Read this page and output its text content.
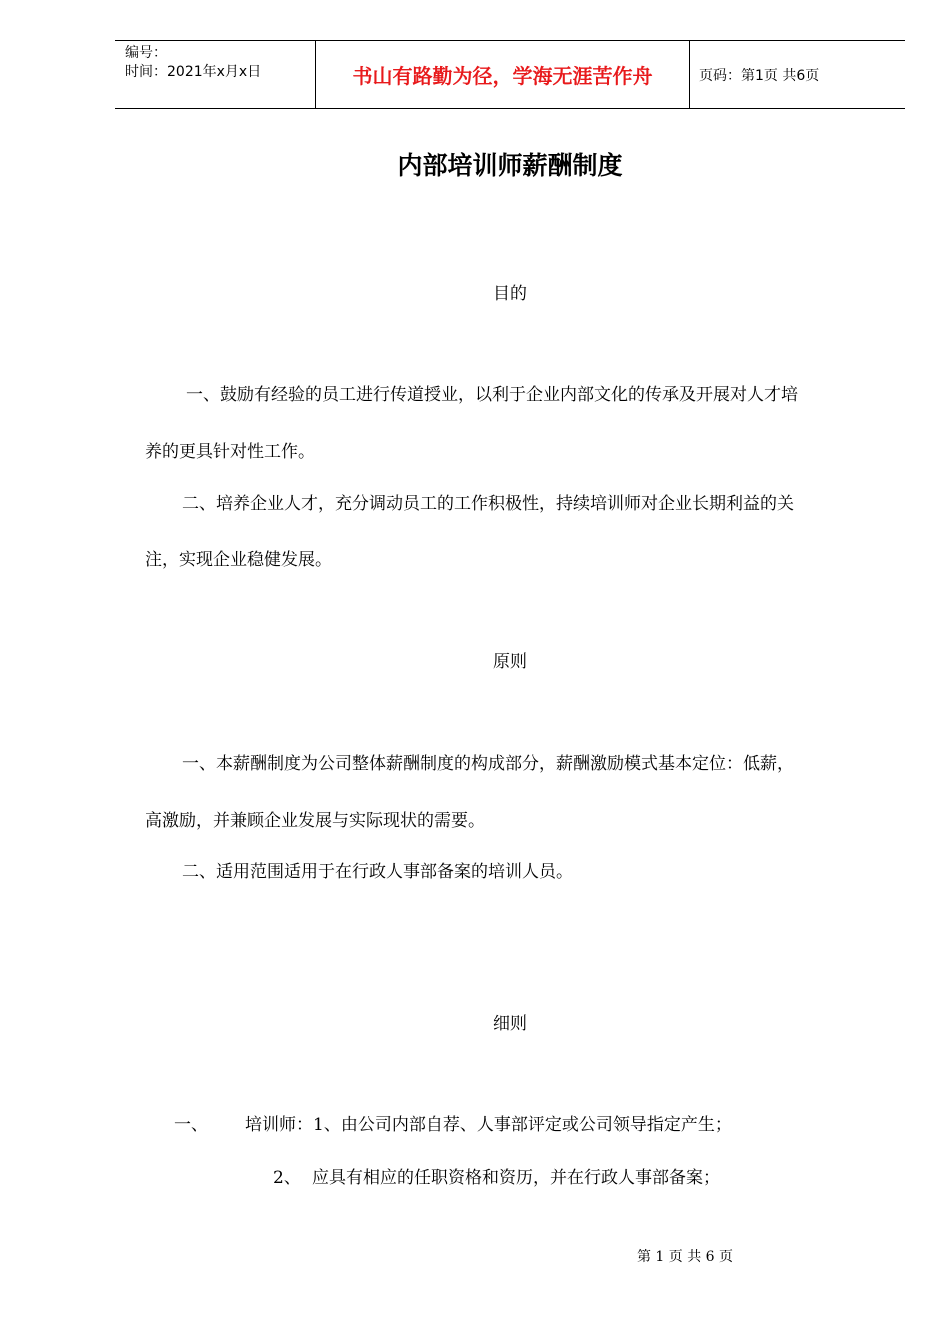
编号：
时间：2021年x月x日	书山有路勤为径，学海无涯苦作舟	页码：第1页 共6页
内部培训师薪酬制度
目的
一、鼓励有经验的员工进行传道授业，以利于企业内部文化的传承及开展对人才培
养的更具针对性工作。
二、培养企业人才，充分调动员工的工作积极性，持续培训师对企业长期利益的关
注，实现企业稳健发展。
原则
一、本薪酬制度为公司整体薪酬制度的构成部分，薪酬激励模式基本定位：低薪，
高激励，并兼顾企业发展与实际现状的需要。
二、适用范围适用于在行政人事部备案的培训人员。
细则
一、 培训师：1、由公司内部自荐、人事部评定或公司领导指定产生；
2、 应具有相应的任职资格和资历，并在行政人事部备案；
第 1 页 共 6 页
